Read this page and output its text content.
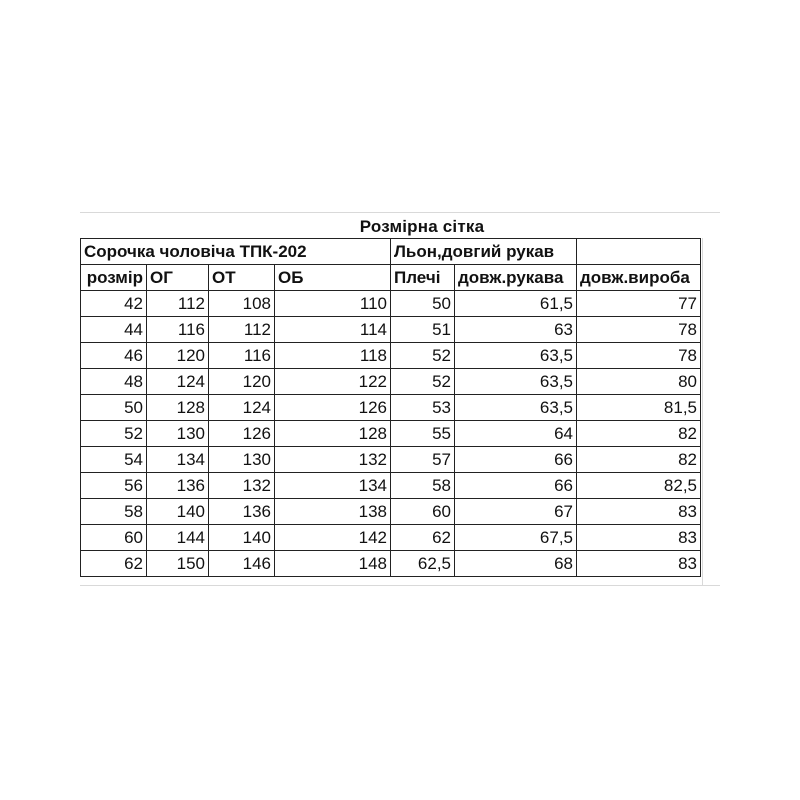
Розмірна сітка
Сорочка чоловіча ТПК-202				Льон,довгий рукав		
розмір	ОГ	ОТ	ОБ	Плечі	довж.рукава	довж.вироба
42	112	108	110	50	61,5	77
44	116	112	114	51	63	78
46	120	116	118	52	63,5	78
48	124	120	122	52	63,5	80
50	128	124	126	53	63,5	81,5
52	130	126	128	55	64	82
54	134	130	132	57	66	82
56	136	132	134	58	66	82,5
58	140	136	138	60	67	83
60	144	140	142	62	67,5	83
62	150	146	148	62,5	68	83
